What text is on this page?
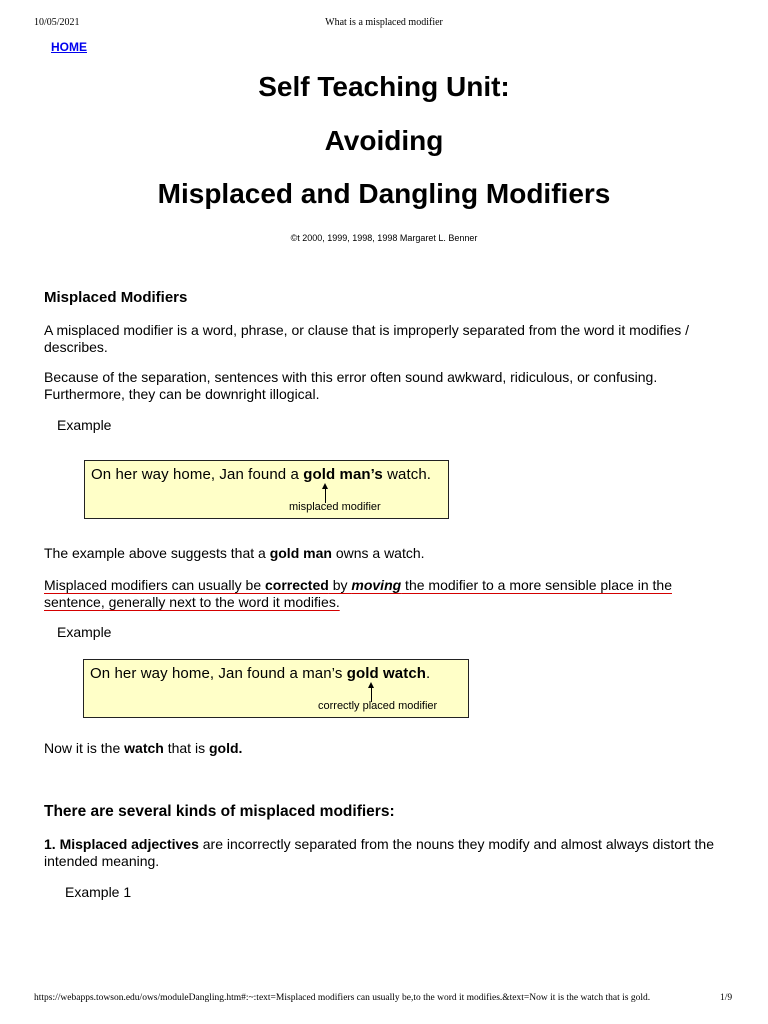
10/05/2021	What is a misplaced modifier
HOME
Self Teaching Unit:
Avoiding
Misplaced and Dangling Modifiers
©t 2000, 1999, 1998, 1998 Margaret L. Benner
Misplaced Modifiers
A misplaced modifier is a word, phrase, or clause that is improperly separated from the word it modifies / describes.
Because of the separation, sentences with this error often sound awkward, ridiculous, or confusing. Furthermore, they can be downright illogical.
Example
On her way home, Jan found a gold man’s watch.
misplaced modifier
The example above suggests that a gold man owns a watch.
Misplaced modifiers can usually be corrected by moving the modifier to a more sensible place in the sentence, generally next to the word it modifies.
Example
On her way home, Jan found a man’s gold watch.
correctly placed modifier
Now it is the watch that is gold.
There are several kinds of misplaced modifiers:
1. Misplaced adjectives are incorrectly separated from the nouns they modify and almost always distort the intended meaning.
Example 1
https://webapps.towson.edu/ows/moduleDangling.htm#:~:text=Misplaced modifiers can usually be,to the word it modifies.&text=Now it is the watch that is gold.	1/9
